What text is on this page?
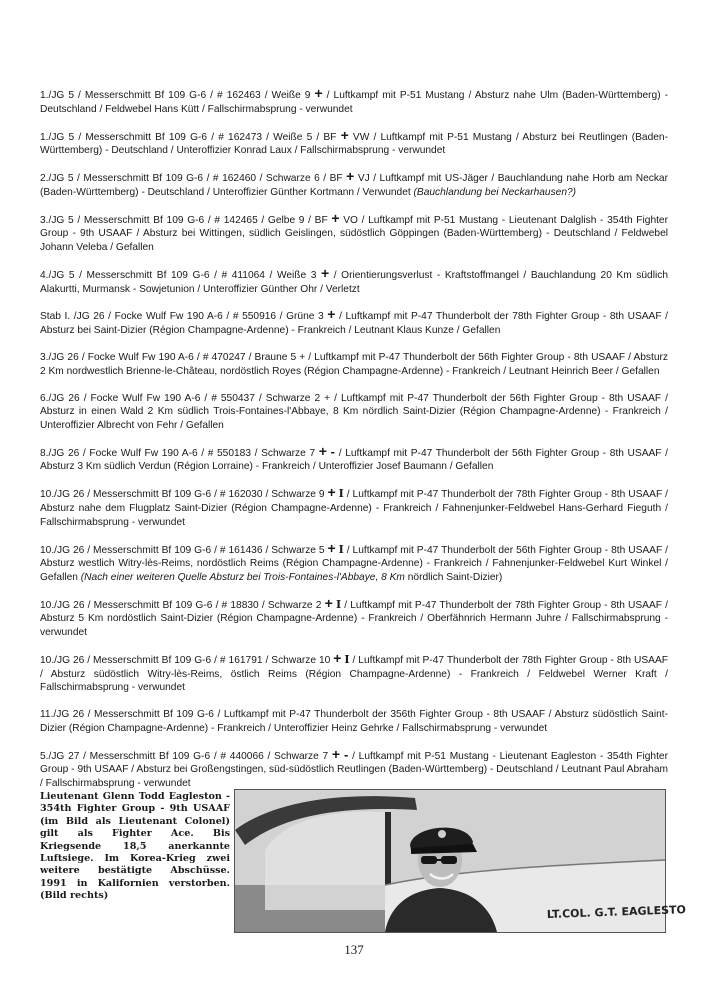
1./JG 5 / Messerschmitt Bf 109 G-6 / # 162463 / Weiße 9 + / Luftkampf mit P-51 Mustang / Absturz nahe Ulm (Baden-Württemberg) - Deutschland / Feldwebel Hans Kütt / Fallschirmabsprung - verwundet

1./JG 5 / Messerschmitt Bf 109 G-6 / # 162473 / Weiße 5 / BF + VW / Luftkampf mit P-51 Mustang / Absturz bei Reutlingen (Baden-Württemberg) - Deutschland / Unteroffizier Konrad Laux / Fallschirmabsprung - verwundet

2./JG 5 / Messerschmitt Bf 109 G-6 / # 162460 / Schwarze 6 / BF + VJ / Luftkampf mit US-Jäger / Bauchlandung nahe Horb am Neckar (Baden-Württemberg) - Deutschland / Unteroffizier Günther Kortmann / Verwundet (Bauchlandung bei Neckarhausen?)

3./JG 5 / Messerschmitt Bf 109 G-6 / # 142465 / Gelbe 9 / BF + VO / Luftkampf mit P-51 Mustang - Lieutenant Dalglish - 354th Fighter Group - 9th USAAF / Absturz bei Wittingen, südlich Geislingen, südöstlich Göppingen (Baden-Württemberg) - Deutschland / Feldwebel Johann Veleba / Gefallen

4./JG 5 / Messerschmitt Bf 109 G-6 / # 411064 / Weiße 3 + / Orientierungsverlust - Kraftstoffmangel / Bauchlandung 20 Km südlich Alakurtti, Murmansk - Sowjetunion / Unteroffizier Günther Ohr / Verletzt

Stab I. /JG 26 / Focke Wulf Fw 190 A-6 / # 550916 / Grüne 3 + / Luftkampf mit P-47 Thunderbolt der 78th Fighter Group - 8th USAAF / Absturz bei Saint-Dizier (Région Champagne-Ardenne) - Frankreich / Leutnant Klaus Kunze / Gefallen

3./JG 26 / Focke Wulf Fw 190 A-6 / # 470247 / Braune 5 + / Luftkampf mit P-47 Thunderbolt der 56th Fighter Group - 8th USAAF / Absturz 2 Km nordwestlich Brienne-le-Château, nordöstlich Royes (Région Champagne-Ardenne) - Frankreich / Leutnant Heinrich Beer / Gefallen

6./JG 26 / Focke Wulf Fw 190 A-6 / # 550437 / Schwarze 2 + / Luftkampf mit P-47 Thunderbolt der 56th Fighter Group - 8th USAAF / Absturz in einen Wald 2 Km südlich Trois-Fontaines-l'Abbaye, 8 Km nördlich Saint-Dizier (Région Champagne-Ardenne) - Frankreich / Unteroffizier Albrecht von Fehr / Gefallen

8./JG 26 / Focke Wulf Fw 190 A-6 / # 550183 / Schwarze 7 + - / Luftkampf mit P-47 Thunderbolt der 56th Fighter Group - 8th USAAF / Absturz 3 Km südlich Verdun (Région Lorraine) - Frankreich / Unteroffizier Josef Baumann / Gefallen

10./JG 26 / Messerschmitt Bf 109 G-6 / # 162030 / Schwarze 9 + I / Luftkampf mit P-47 Thunderbolt der 78th Fighter Group - 8th USAAF / Absturz nahe dem Flugplatz Saint-Dizier (Région Champagne-Ardenne) - Frankreich / Fahnenjunker-Feldwebel Hans-Gerhard Fieguth / Fallschirmabsprung - verwundet

10./JG 26 / Messerschmitt Bf 109 G-6 / # 161436 / Schwarze 5 + I / Luftkampf mit P-47 Thunderbolt der 56th Fighter Group - 8th USAAF / Absturz westlich Witry-lès-Reims, nordöstlich Reims (Région Champagne-Ardenne) - Frankreich / Fahnenjunker-Feldwebel Kurt Winkel / Gefallen (Nach einer weiteren Quelle Absturz bei Trois-Fontaines-l'Abbaye, 8 Km nördlich Saint-Dizier)

10./JG 26 / Messerschmitt Bf 109 G-6 / # 18830 / Schwarze 2 + I / Luftkampf mit P-47 Thunderbolt der 78th Fighter Group - 8th USAAF / Absturz 5 Km nordöstlich Saint-Dizier (Région Champagne-Ardenne) - Frankreich / Oberfähnrich Hermann Juhre / Fallschirmabsprung - verwundet

10./JG 26 / Messerschmitt Bf 109 G-6 / # 161791 / Schwarze 10 + I / Luftkampf mit P-47 Thunderbolt der 78th Fighter Group - 8th USAAF / Absturz südöstlich Witry-lès-Reims, östlich Reims (Région Champagne-Ardenne) - Frankreich / Feldwebel Werner Kraft / Fallschirmabsprung - verwundet

11./JG 26 / Messerschmitt Bf 109 G-6 / Luftkampf mit P-47 Thunderbolt der 356th Fighter Group - 8th USAAF / Absturz südöstlich Saint-Dizier (Région Champagne-Ardenne) - Frankreich / Unteroffizier Heinz Gehrke / Fallschirmabsprung - verwundet

5./JG 27 / Messerschmitt Bf 109 G-6 / # 440066 / Schwarze 7 + - / Luftkampf mit P-51 Mustang - Lieutenant Eagleston - 354th Fighter Group - 9th USAAF / Absturz bei Großengstingen, süd-südöstlich Reutlingen (Baden-Württemberg) - Deutschland / Leutnant Paul Abraham / Fallschirmabsprung - verwundet

Lieutenant Glenn Todd Eagleston - 354th Fighter Group - 9th USAAF (im Bild als Lieutenant Colonel) gilt als Fighter Ace. Bis Kriegsende 18,5 anerkannte Luftsiege. Im Korea-Krieg zwei weitere bestätigte Abschüsse. 1991 in Kalifornien verstorben. (Bild rechts)
LT.COL. G.T. EAGLESTO
137
